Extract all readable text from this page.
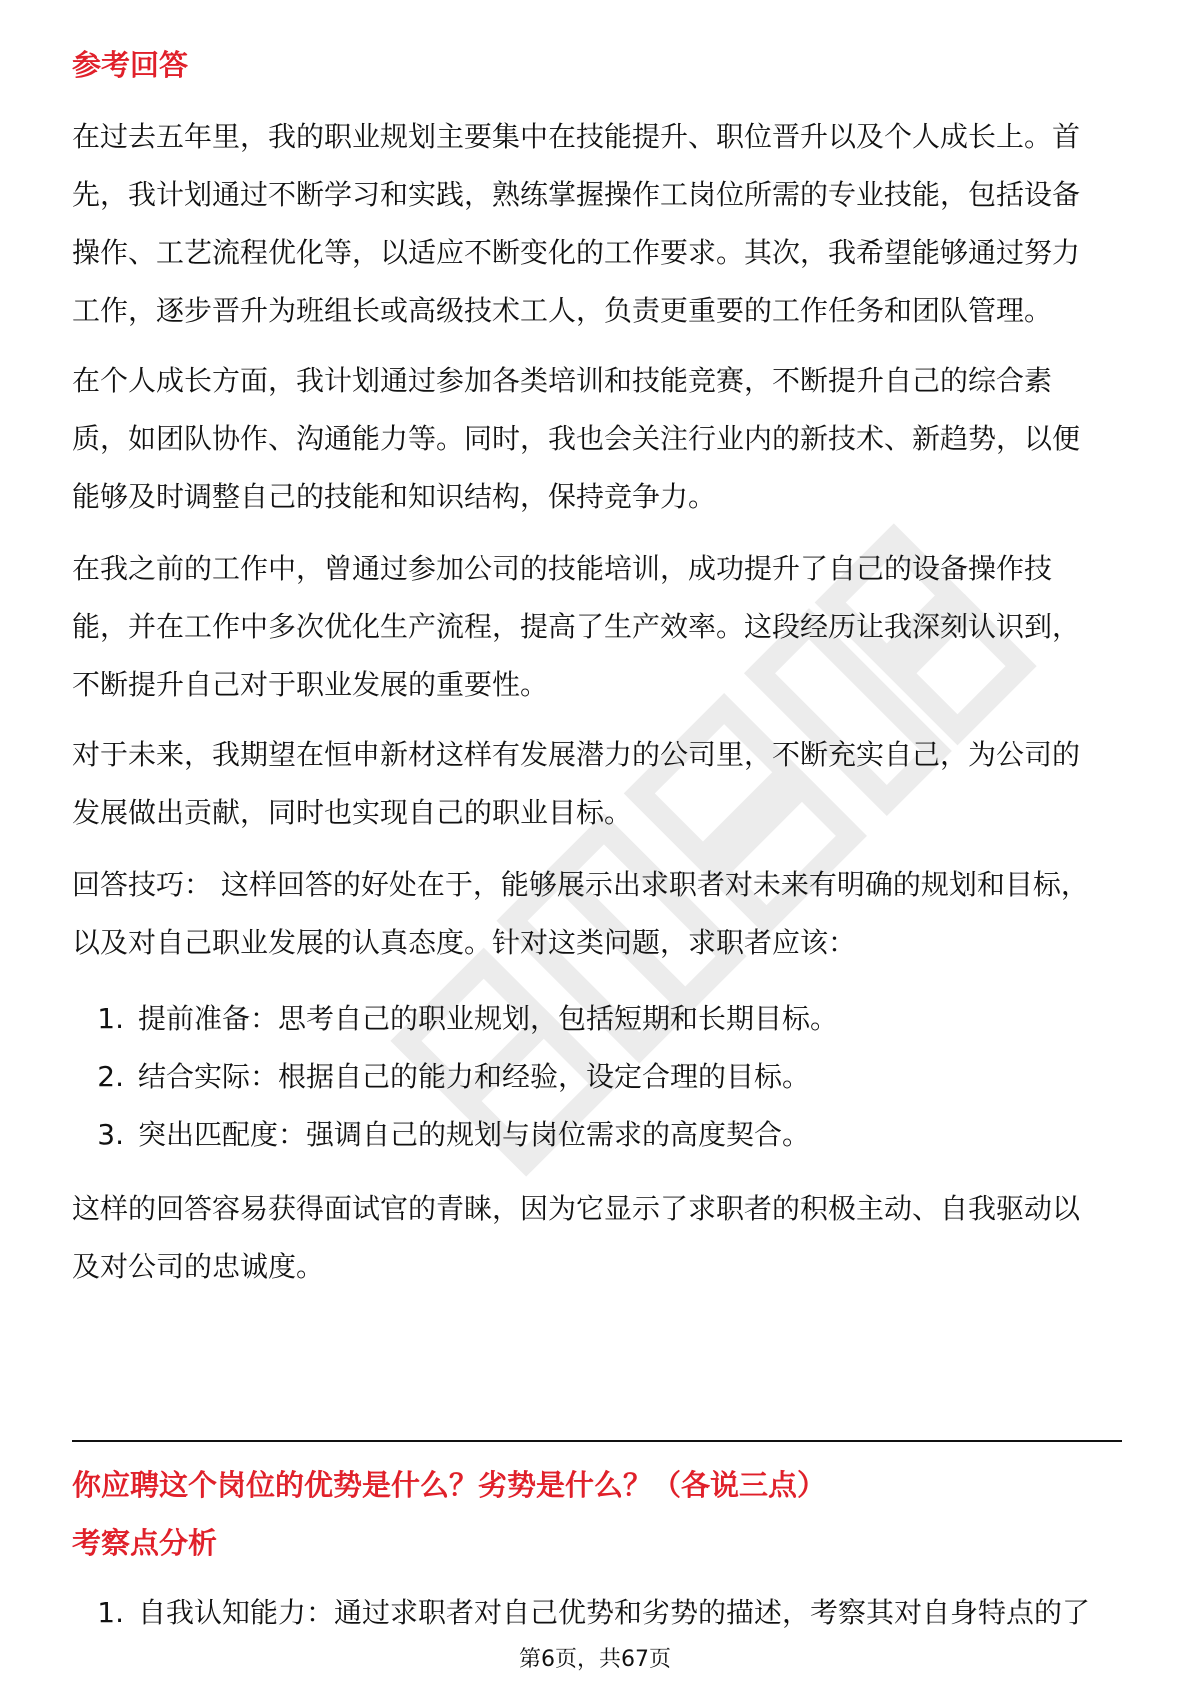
参考回答

在过去五年里，我的职业规划主要集中在技能提升、职位晋升以及个人成长上。首
先，我计划通过不断学习和实践，熟练掌握操作工岗位所需的专业技能，包括设备
操作、工艺流程优化等，以适应不断变化的工作要求。其次，我希望能够通过努力
工作，逐步晋升为班组长或高级技术工人，负责更重要的工作任务和团队管理。

在个人成长方面，我计划通过参加各类培训和技能竞赛，不断提升自己的综合素
质，如团队协作、沟通能力等。同时，我也会关注行业内的新技术、新趋势，以便
能够及时调整自己的技能和知识结构，保持竞争力。

在我之前的工作中，曾通过参加公司的技能培训，成功提升了自己的设备操作技
能，并在工作中多次优化生产流程，提高了生产效率。这段经历让我深刻认识到，
不断提升自己对于职业发展的重要性。

对于未来，我期望在恒申新材这样有发展潜力的公司里，不断充实自己，为公司的
发展做出贡献，同时也实现自己的职业目标。

回答技巧： 这样回答的好处在于，能够展示出求职者对未来有明确的规划和目标，
以及对自己职业发展的认真态度。针对这类问题，求职者应该：

1. 提前准备：思考自己的职业规划，包括短期和长期目标。
2. 结合实际：根据自己的能力和经验，设定合理的目标。
3. 突出匹配度：强调自己的规划与岗位需求的高度契合。

这样的回答容易获得面试官的青睐，因为它显示了求职者的积极主动、自我驱动以
及对公司的忠诚度。

你应聘这个岗位的优势是什么？劣势是什么？（各说三点）
考察点分析
1. 自我认知能力：通过求职者对自己优势和劣势的描述，考察其对自身特点的了
第6页，共67页
